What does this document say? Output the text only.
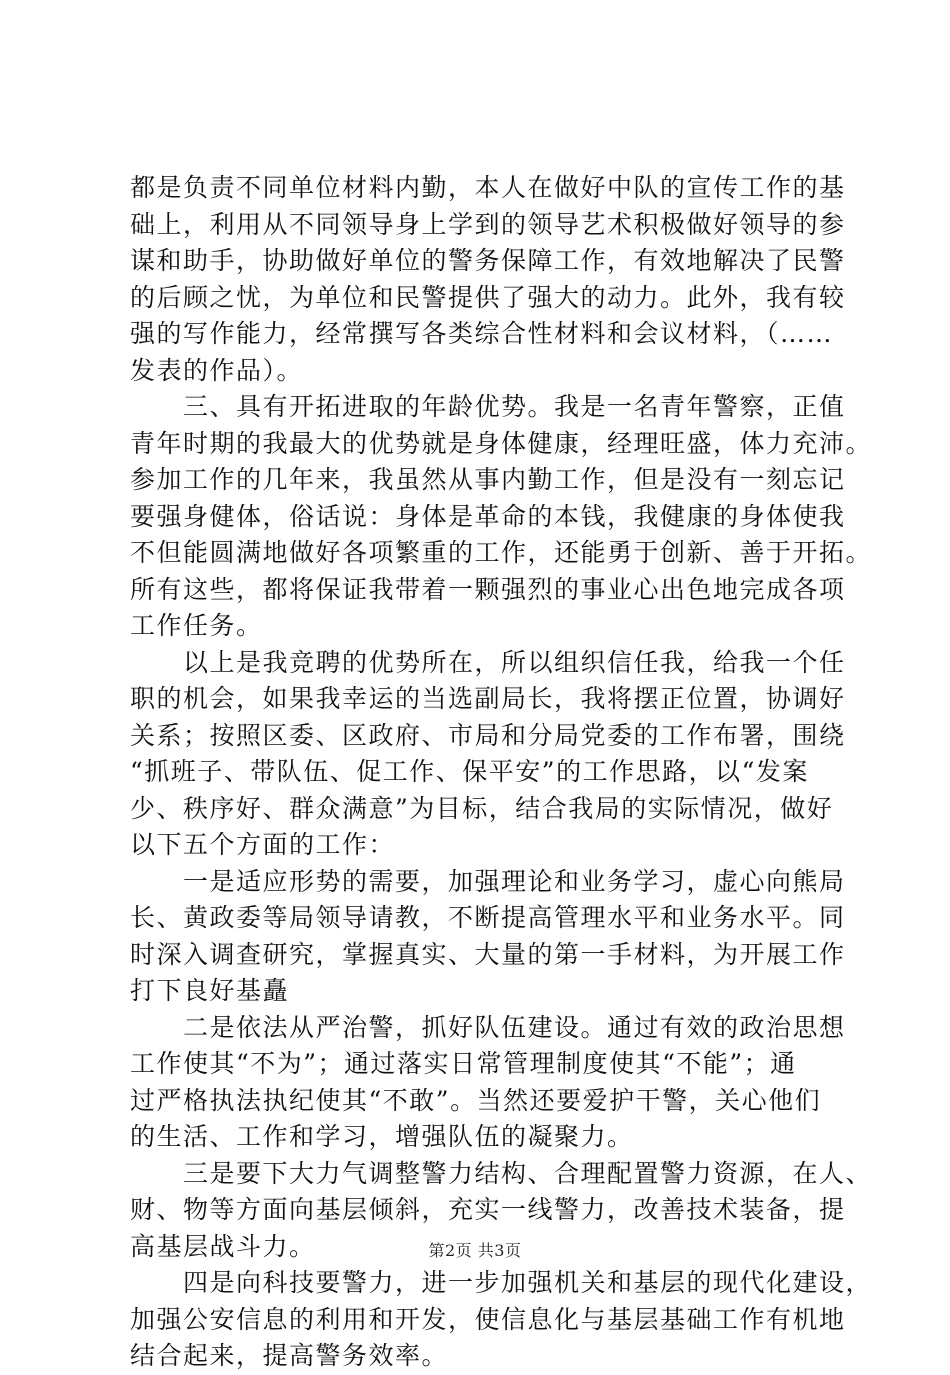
都是负责不同单位材料内勤，本人在做好中队的宣传工作的基
础上，利用从不同领导身上学到的领导艺术积极做好领导的参
谋和助手，协助做好单位的警务保障工作，有效地解决了民警
的后顾之忧，为单位和民警提供了强大的动力。此外，我有较
强的写作能力，经常撰写各类综合性材料和会议材料，（……
发表的作品）。
　　三、具有开拓进取的年龄优势。我是一名青年警察，正值
青年时期的我最大的优势就是身体健康，经理旺盛，体力充沛。
参加工作的几年来，我虽然从事内勤工作，但是没有一刻忘记
要强身健体，俗话说：身体是革命的本钱，我健康的身体使我
不但能圆满地做好各项繁重的工作，还能勇于创新、善于开拓。
所有这些，都将保证我带着一颗强烈的事业心出色地完成各项
工作任务。
　　以上是我竞聘的优势所在，所以组织信任我，给我一个任
职的机会，如果我幸运的当选副局长，我将摆正位置，协调好
关系；按照区委、区政府、市局和分局党委的工作布署，围绕
“抓班子、带队伍、促工作、保平安”的工作思路，以“发案
少、秩序好、群众满意”为目标，结合我局的实际情况，做好
以下五个方面的工作：
　　一是适应形势的需要，加强理论和业务学习，虚心向熊局
长、黄政委等局领导请教，不断提高管理水平和业务水平。同
时深入调查研究，掌握真实、大量的第一手材料，为开展工作
打下良好基矗
　　二是依法从严治警，抓好队伍建设。通过有效的政治思想
工作使其“不为”；通过落实日常管理制度使其“不能”；通
过严格执法执纪使其“不敢”。当然还要爱护干警，关心他们
的生活、工作和学习，增强队伍的凝聚力。
　　三是要下大力气调整警力结构、合理配置警力资源，在人、
财、物等方面向基层倾斜，充实一线警力，改善技术装备，提
高基层战斗力。
　　四是向科技要警力，进一步加强机关和基层的现代化建设，
加强公安信息的利用和开发，使信息化与基层基础工作有机地
结合起来，提高警务效率。
第2页 共3页
